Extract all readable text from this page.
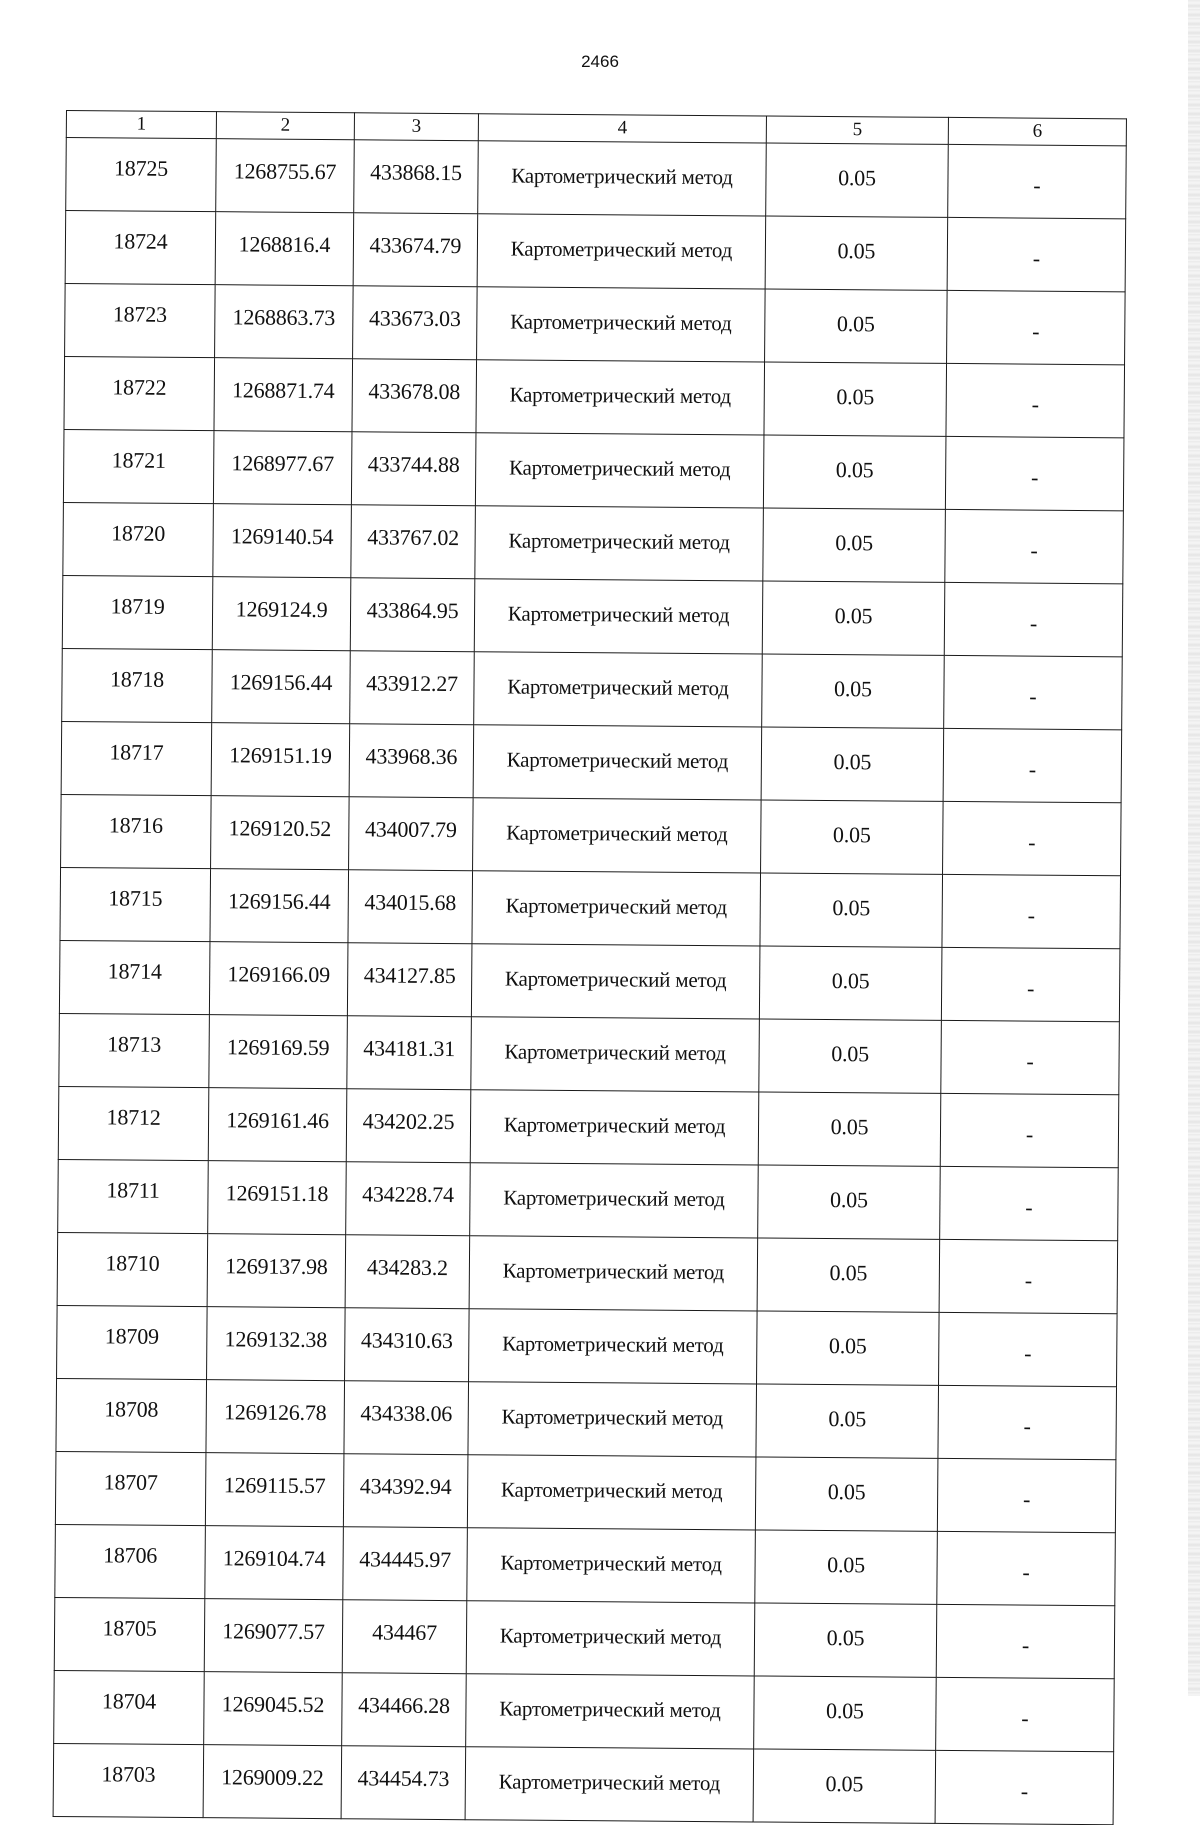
2466
1	2	3	4	5	6
18725	1268755.67	433868.15	Картометрический метод	0.05	-
18724	1268816.4	433674.79	Картометрический метод	0.05	-
18723	1268863.73	433673.03	Картометрический метод	0.05	-
18722	1268871.74	433678.08	Картометрический метод	0.05	-
18721	1268977.67	433744.88	Картометрический метод	0.05	-
18720	1269140.54	433767.02	Картометрический метод	0.05	-
18719	1269124.9	433864.95	Картометрический метод	0.05	-
18718	1269156.44	433912.27	Картометрический метод	0.05	-
18717	1269151.19	433968.36	Картометрический метод	0.05	-
18716	1269120.52	434007.79	Картометрический метод	0.05	-
18715	1269156.44	434015.68	Картометрический метод	0.05	-
18714	1269166.09	434127.85	Картометрический метод	0.05	-
18713	1269169.59	434181.31	Картометрический метод	0.05	-
18712	1269161.46	434202.25	Картометрический метод	0.05	-
18711	1269151.18	434228.74	Картометрический метод	0.05	-
18710	1269137.98	434283.2	Картометрический метод	0.05	-
18709	1269132.38	434310.63	Картометрический метод	0.05	-
18708	1269126.78	434338.06	Картометрический метод	0.05	-
18707	1269115.57	434392.94	Картометрический метод	0.05	-
18706	1269104.74	434445.97	Картометрический метод	0.05	-
18705	1269077.57	434467	Картометрический метод	0.05	-
18704	1269045.52	434466.28	Картометрический метод	0.05	-
18703	1269009.22	434454.73	Картометрический метод	0.05	-
